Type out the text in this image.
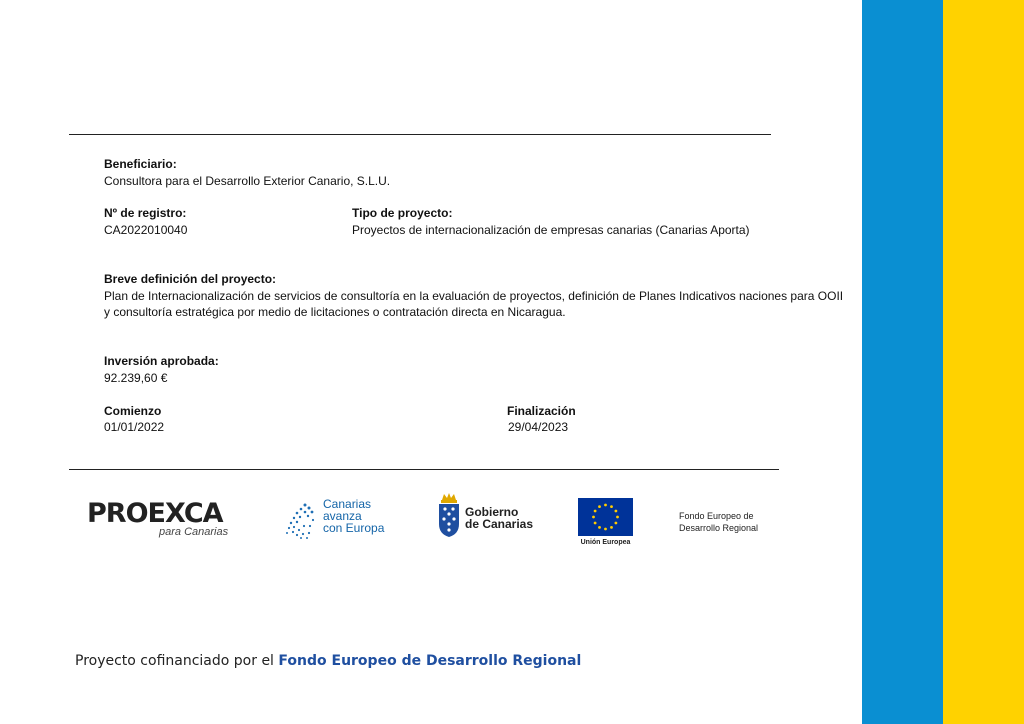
Beneficiario:
Consultora para el Desarrollo Exterior Canario, S.L.U.
Nº de registro:
CA2022010040
Tipo de proyecto:
Proyectos de internacionalización de empresas canarias (Canarias Aporta)
Breve definición del proyecto:
Plan de Internacionalización de servicios de consultoría en la evaluación de proyectos, definición de Planes Indicativos naciones para OOII y consultoría estratégica por medio de licitaciones o contratación directa en Nicaragua.
Inversión aprobada:
92.239,60 €
Comienzo
01/01/2022
Finalización
29/04/2023
PROEXCA
para Canarias
Canarias
avanza
con Europa
Gobierno
de Canarias
Unión Europea
Fondo Europeo de
Desarrollo Regional
Proyecto cofinanciado por el Fondo Europeo de Desarrollo Regional
